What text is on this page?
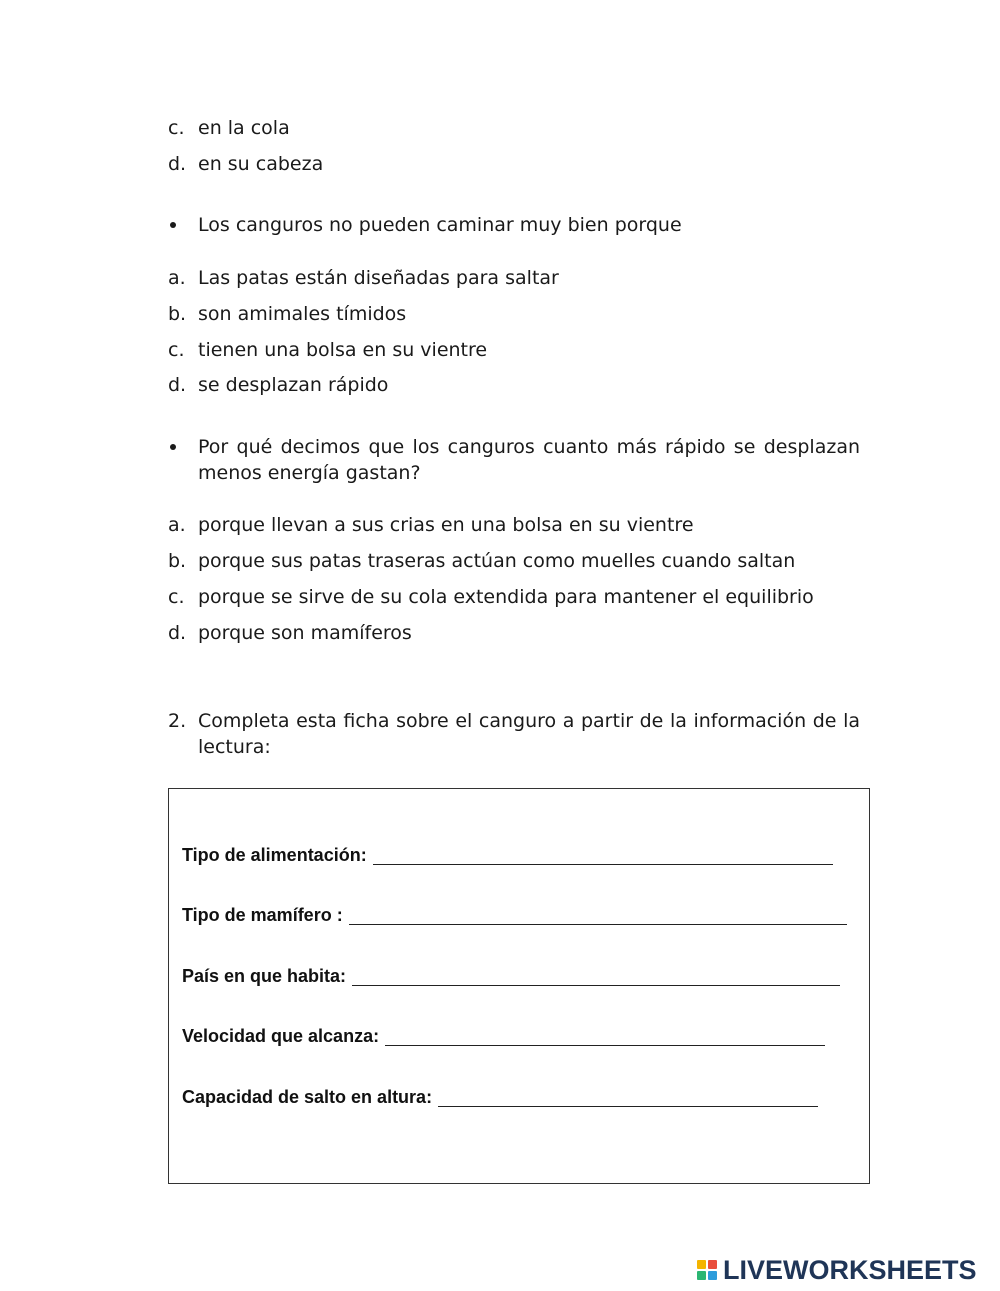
c. en la cola
d. en su cabeza
Los canguros no pueden caminar muy bien porque
a. Las patas están diseñadas para saltar
b. son amimales tímidos
c. tienen una bolsa en su vientre
d. se desplazan rápido
Por qué decimos que los canguros cuanto más rápido se desplazan menos energía gastan?
a. porque llevan a sus crias en una bolsa en su vientre
b. porque sus patas traseras actúan como muelles cuando saltan
c. porque se sirve de su cola extendida para mantener el equilibrio
d. porque son mamíferos
2. Completa esta ficha sobre el canguro a partir de la información de la lectura:
Tipo de alimentación:
Tipo de mamífero :
País en que habita:
Velocidad que alcanza:
Capacidad de salto en altura:
LIVEWORKSHEETS
